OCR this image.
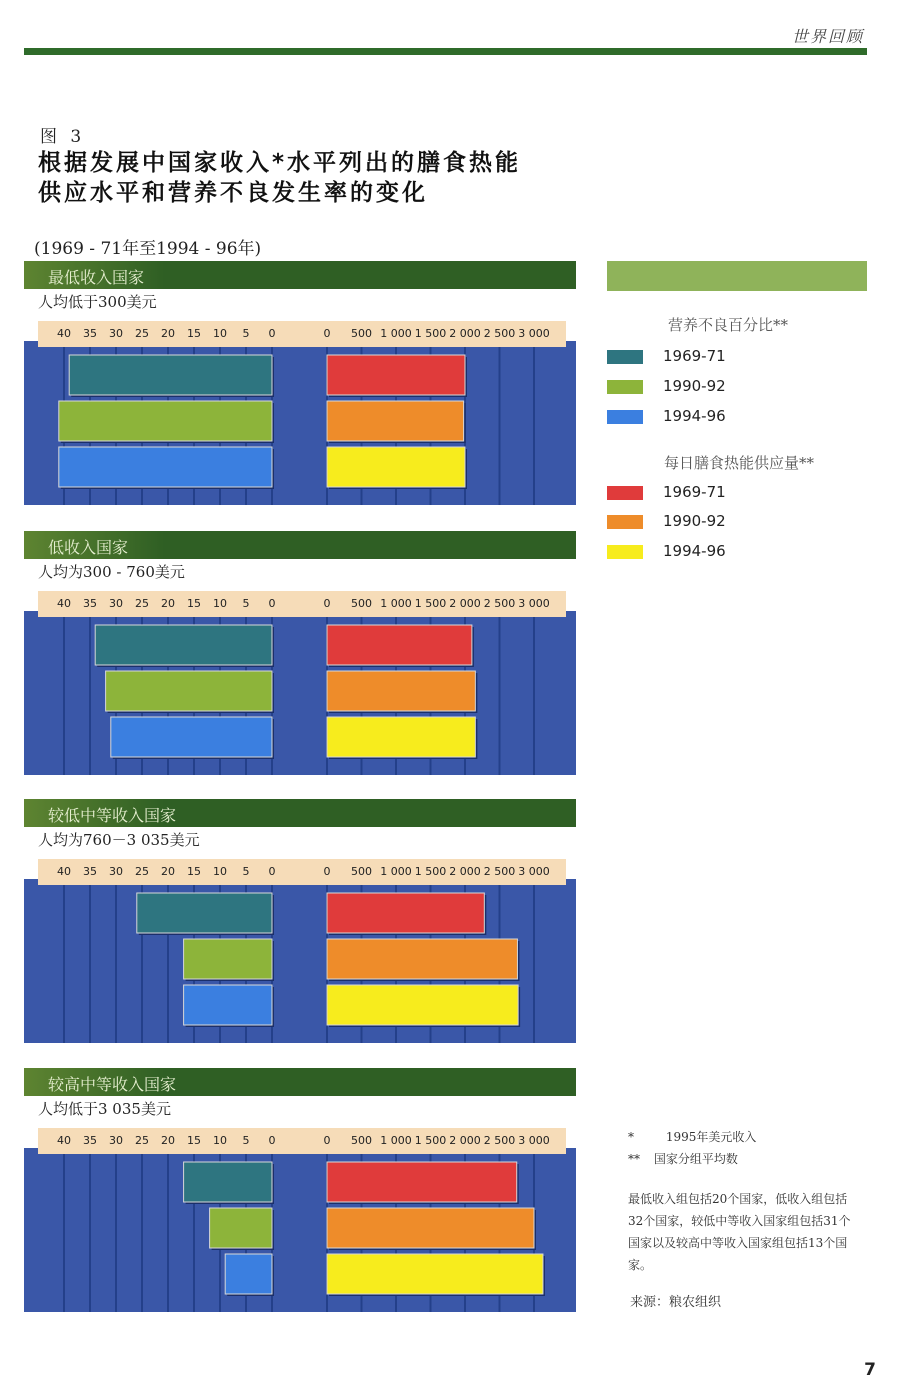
世界回顾
图 3
根据发展中国家收入*水平列出的膳食热能
供应水平和营养不良发生率的变化
(1969 - 71年至1994 - 96年)
最低收入国家
人均低于300美元
40 35 30 25 20 15 10 5 0	0 500 1 000 1 500 2 000 2 500 3 000
低收入国家
人均为300 - 760美元
40 35 30 25 20 15 10 5 0	0 500 1 000 1 500 2 000 2 500 3 000
较低中等收入国家
人均为760－3 035美元
40 35 30 25 20 15 10 5 0	0 500 1 000 1 500 2 000 2 500 3 000
较高中等收入国家
人均低于3 035美元
40 35 30 25 20 15 10 5 0	0 500 1 000 1 500 2 000 2 500 3 000
营养不良百分比**
1969-71
1990-92
1994-96
每日膳食热能供应量**
1969-71
1990-92
1994-96
*	1995年美元收入
** 国家分组平均数
最低收入组包括20个国家，低收入组包括32个国家，较低中等收入国家组包括31个国家以及较高中等收入国家组包括13个国家。
来源：粮农组织
7
